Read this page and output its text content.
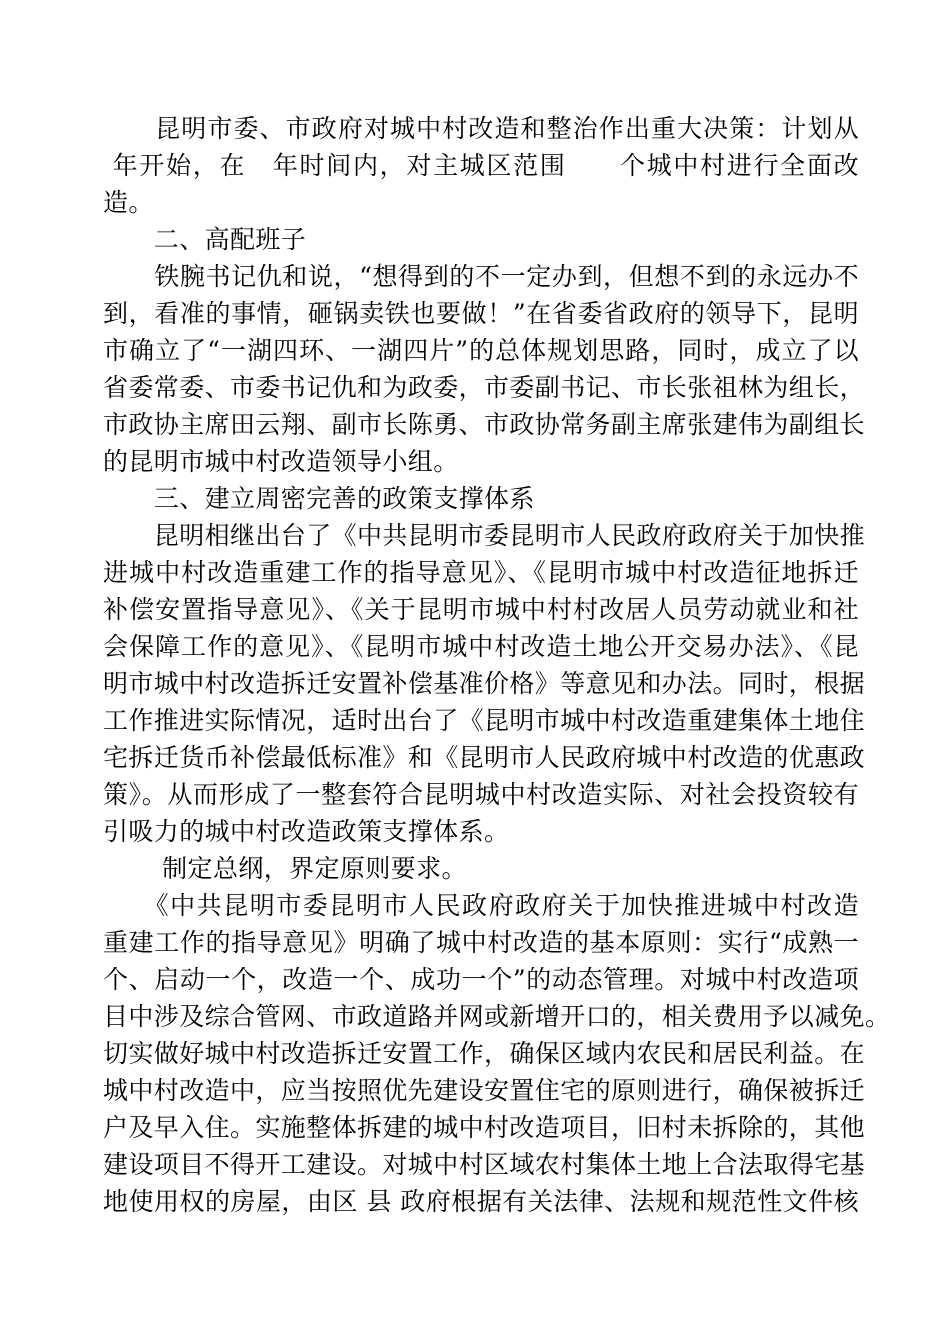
　　昆明市委、市政府对城中村改造和整治作出重大决策：计划从
年开始，在　年时间内，对主城区范围　　个城中村进行全面改
造。
　　二、高配班子
　　铁腕书记仇和说，“想得到的不一定办到，但想不到的永远办不
到，看准的事情，砸锅卖铁也要做！”在省委省政府的领导下，昆明
市确立了“一湖四环、一湖四片”的总体规划思路，同时，成立了以
省委常委、市委书记仇和为政委，市委副书记、市长张祖林为组长，
市政协主席田云翔、副市长陈勇、市政协常务副主席张建伟为副组长
的昆明市城中村改造领导小组。
　　三、建立周密完善的政策支撑体系
　　昆明相继出台了《中共昆明市委昆明市人民政府政府关于加快推
进城中村改造重建工作的指导意见》、《昆明市城中村改造征地拆迁
补偿安置指导意见》、《关于昆明市城中村村改居人员劳动就业和社
会保障工作的意见》、《昆明市城中村改造土地公开交易办法》、《昆
明市城中村改造拆迁安置补偿基准价格》等意见和办法。同时，根据
工作推进实际情况，适时出台了《昆明市城中村改造重建集体土地住
宅拆迁货币补偿最低标准》和《昆明市人民政府城中村改造的优惠政
策》。从而形成了一整套符合昆明城中村改造实际、对社会投资较有
引吸力的城中村改造政策支撑体系。
　　 制定总纲，界定原则要求。
　　《中共昆明市委昆明市人民政府政府关于加快推进城中村改造
重建工作的指导意见》明确了城中村改造的基本原则：实行“成熟一
个、启动一个，改造一个、成功一个”的动态管理。对城中村改造项
目中涉及综合管网、市政道路并网或新增开口的，相关费用予以减免。
切实做好城中村改造拆迁安置工作，确保区域内农民和居民利益。在
城中村改造中，应当按照优先建设安置住宅的原则进行，确保被拆迁
户及早入住。实施整体拆建的城中村改造项目，旧村未拆除的，其他
建设项目不得开工建设。对城中村区域农村集体土地上合法取得宅基
地使用权的房屋，由区 县 政府根据有关法律、法规和规范性文件核
